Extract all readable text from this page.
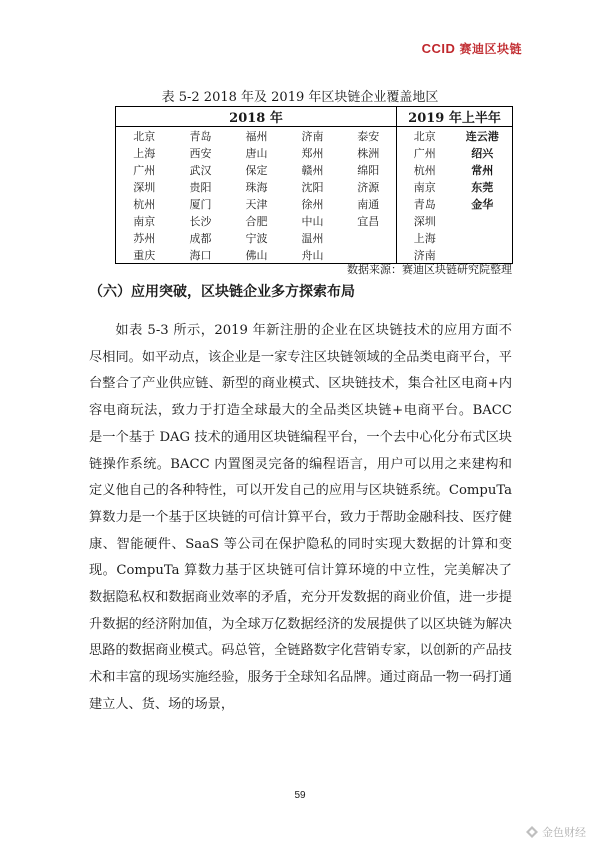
CCID 赛迪区块链
表 5-2 2018 年及 2019 年区块链企业覆盖地区
2018 年					2019 年上半年	
北京	青岛	福州	济南	泰安	北京	连云港
上海	西安	唐山	郑州	株洲	广州	绍兴
广州	武汉	保定	赣州	绵阳	杭州	常州
深圳	贵阳	珠海	沈阳	济源	南京	东莞
杭州	厦门	天津	徐州	南通	青岛	金华
南京	长沙	合肥	中山	宜昌	深圳	
苏州	成都	宁波	温州		上海	
重庆	海口	佛山	舟山		济南	
数据来源：赛迪区块链研究院整理
（六）应用突破，区块链企业多方探索布局

如表 5-3 所示，2019 年新注册的企业在区块链技术的应用方面不尽相同。如平动点，该企业是一家专注区块链领域的全品类电商平台，平台整合了产业供应链、新型的商业模式、区块链技术，集合社区电商+内容电商玩法，致力于打造全球最大的全品类区块链+电商平台。BACC 是一个基于 DAG 技术的通用区块链编程平台，一个去中心化分布式区块链操作系统。BACC 内置图灵完备的编程语言，用户可以用之来建构和定义他自己的各种特性，可以开发自己的应用与区块链系统。CompuTa 算数力是一个基于区块链的可信计算平台，致力于帮助金融科技、医疗健康、智能硬件、SaaS 等公司在保护隐私的同时实现大数据的计算和变现。CompuTa 算数力基于区块链可信计算环境的中立性，完美解决了数据隐私权和数据商业效率的矛盾，充分开发数据的商业价值，进一步提升数据的经济附加值，为全球万亿数据经济的发展提供了以区块链为解决思路的数据商业模式。码总管，全链路数字化营销专家，以创新的产品技术和丰富的现场实施经验，服务于全球知名品牌。通过商品一物一码打通建立人、货、场的场景，

59
金色财经
